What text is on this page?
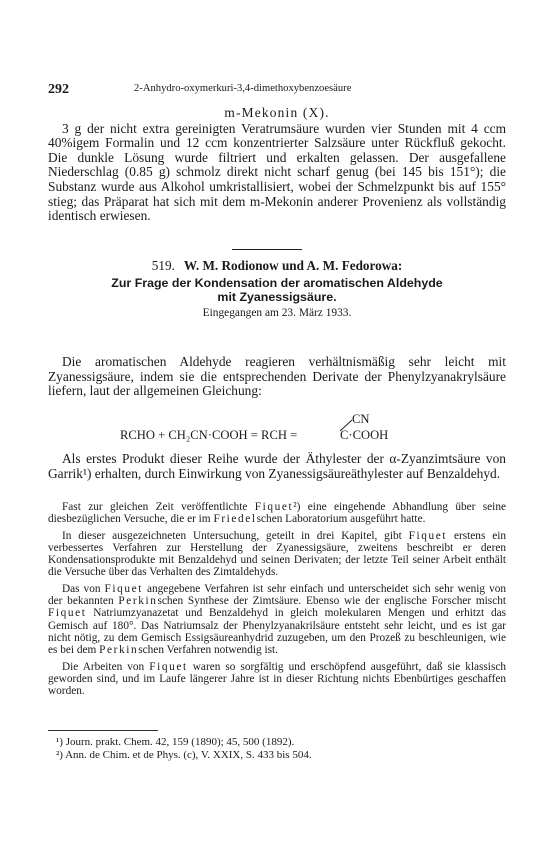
292	2-Anhydro-oxymerkuri-3,4-dimethoxybenzoesäure

m-Mekonin (X).

3 g der nicht extra gereinigten Veratrumsäure wurden vier Stunden mit 4 ccm 40%igem Formalin und 12 ccm konzentrierter Salzsäure unter Rückfluß gekocht. Die dunkle Lösung wurde filtriert und erkalten gelassen. Der ausgefallene Niederschlag (0.85 g) schmolz direkt nicht scharf genug (bei 145 bis 151°); die Substanz wurde aus Alkohol umkristallisiert, wobei der Schmelzpunkt bis auf 155° stieg; das Präparat hat sich mit dem m-Mekonin anderer Provenienz als vollständig identisch erwiesen.

519. W. M. Rodionow und A. M. Fedorowa:
Zur Frage der Kondensation der aromatischen Aldehyde
mit Zyanessigsäure.
Eingegangen am 23. März 1933.
Die aromatischen Aldehyde reagieren verhältnismäßig sehr leicht mit Zyanessigsäure, indem sie die entsprechenden Derivate der Phenylzyanakrylsäure liefern, laut der allgemeinen Gleichung:
RCHO + CH₂CN·COOH = RCH =
CN
C·COOH
Als erstes Produkt dieser Reihe wurde der Äthylester der α-Zyanzimtsäure von Garrik¹) erhalten, durch Einwirkung von Zyanessigsäureäthylester auf Benzaldehyd.

Fast zur gleichen Zeit veröffentlichte Fiquet²) eine eingehende Abhandlung über seine diesbezüglichen Versuche, die er im Friedelschen Laboratorium ausgeführt hatte.

In dieser ausgezeichneten Untersuchung, geteilt in drei Kapitel, gibt Fiquet erstens ein verbessertes Verfahren zur Herstellung der Zyanessigsäure, zweitens beschreibt er deren Kondensationsprodukte mit Benzaldehyd und seinen Derivaten; der letzte Teil seiner Arbeit enthält die Versuche über das Verhalten des Zimtaldehyds.

Das von Fiquet angegebene Verfahren ist sehr einfach und unterscheidet sich sehr wenig von der bekannten Perkinschen Synthese der Zimtsäure. Ebenso wie der englische Forscher mischt Fiquet Natriumzyanazetat und Benzaldehyd in gleich molekularen Mengen und erhitzt das Gemisch auf 180°. Das Natriumsalz der Phenylzyanakrilsäure entsteht sehr leicht, und es ist gar nicht nötig, zu dem Gemisch Essigsäureanhydrid zuzugeben, um den Prozeß zu beschleunigen, wie es bei dem Perkinschen Verfahren notwendig ist.

Die Arbeiten von Fiquet waren so sorgfältig und erschöpfend ausgeführt, daß sie klassisch geworden sind, und im Laufe längerer Jahre ist in dieser Richtung nichts Ebenbürtiges geschaffen worden.

¹) Journ. prakt. Chem. 42, 159 (1890); 45, 500 (1892).
²) Ann. de Chim. et de Phys. (c), V. XXIX, S. 433 bis 504.
